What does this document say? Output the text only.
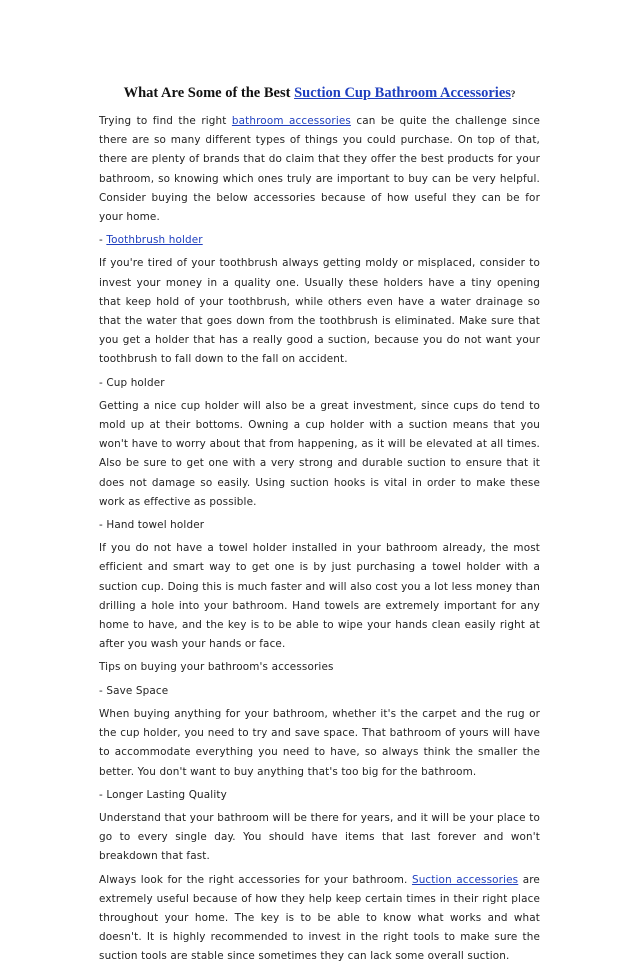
What Are Some of the Best Suction Cup Bathroom Accessories?

Trying to find the right bathroom accessories can be quite the challenge since there are so many different types of things you could purchase. On top of that, there are plenty of brands that do claim that they offer the best products for your bathroom, so knowing which ones truly are important to buy can be very helpful. Consider buying the below accessories because of how useful they can be for your home.

- Toothbrush holder

If you're tired of your toothbrush always getting moldy or misplaced, consider to invest your money in a quality one. Usually these holders have a tiny opening that keep hold of your toothbrush, while others even have a water drainage so that the water that goes down from the toothbrush is eliminated. Make sure that you get a holder that has a really good a suction, because you do not want your toothbrush to fall down to the fall on accident.

- Cup holder

Getting a nice cup holder will also be a great investment, since cups do tend to mold up at their bottoms. Owning a cup holder with a suction means that you won't have to worry about that from happening, as it will be elevated at all times. Also be sure to get one with a very strong and durable suction to ensure that it does not damage so easily. Using suction hooks is vital in order to make these work as effective as possible.

- Hand towel holder

If you do not have a towel holder installed in your bathroom already, the most efficient and smart way to get one is by just purchasing a towel holder with a suction cup. Doing this is much faster and will also cost you a lot less money than drilling a hole into your bathroom. Hand towels are extremely important for any home to have, and the key is to be able to wipe your hands clean easily right at after you wash your hands or face.

Tips on buying your bathroom's accessories

- Save Space

When buying anything for your bathroom, whether it's the carpet and the rug or the cup holder, you need to try and save space. That bathroom of yours will have to accommodate everything you need to have, so always think the smaller the better. You don't want to buy anything that's too big for the bathroom.

- Longer Lasting Quality

Understand that your bathroom will be there for years, and it will be your place to go to every single day. You should have items that last forever and won't breakdown that fast.

Always look for the right accessories for your bathroom. Suction accessories are extremely useful because of how they help keep certain times in their right place throughout your home. The key is to be able to know what works and what doesn't. It is highly recommended to invest in the right tools to make sure the suction tools are stable since sometimes they can lack some overall suction.
